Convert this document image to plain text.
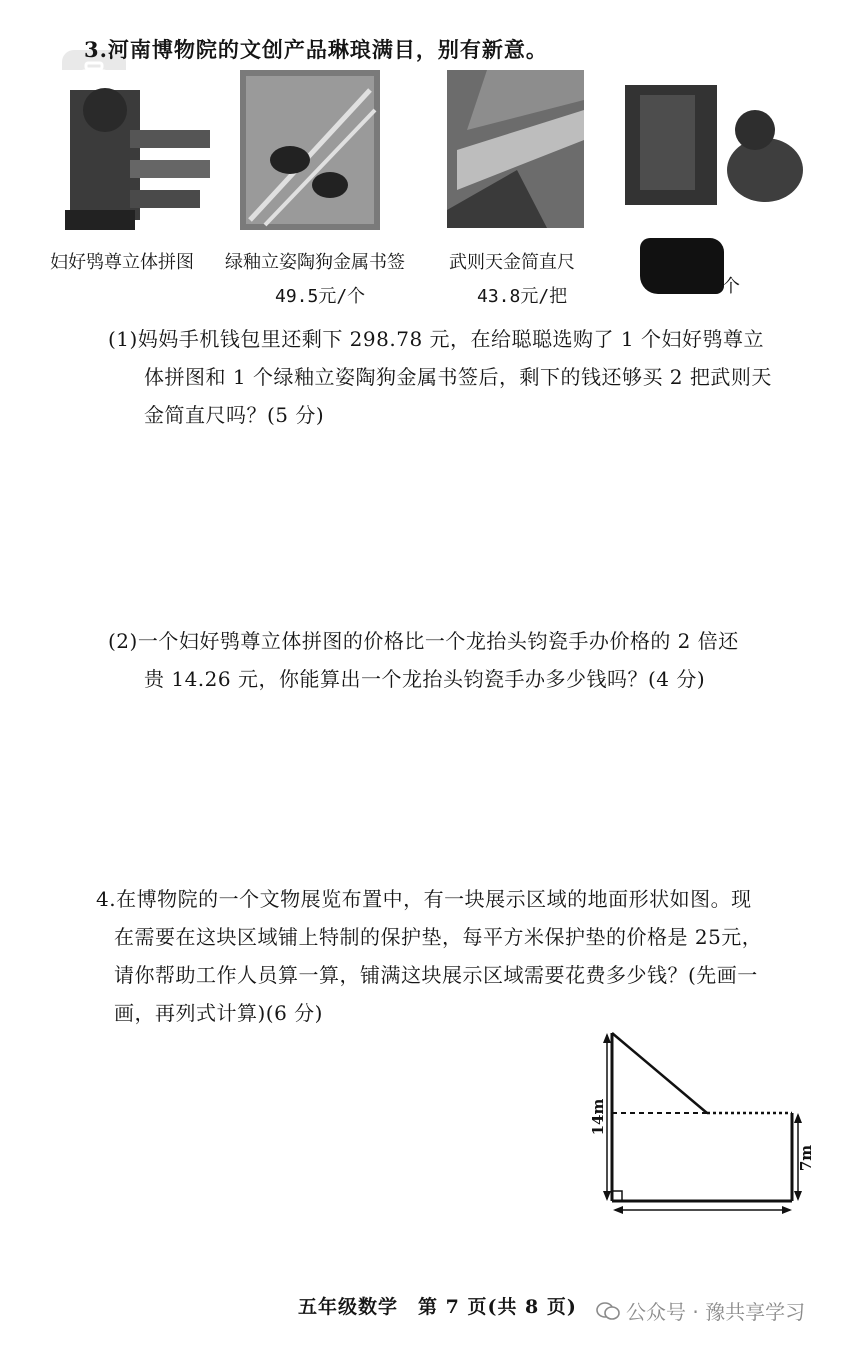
3.河南博物院的文创产品琳琅满目，别有新意。
妇好鸮尊立体拼图 绿釉立姿陶狗金属书签
49.5元/个
武则天金简直尺
43.8元/把	个
(1)妈妈手机钱包里还剩下 298.78 元，在给聪聪选购了 1 个妇好鸮尊立
体拼图和 1 个绿釉立姿陶狗金属书签后，剩下的钱还够买 2 把武则天
金简直尺吗？(5 分)
(2)一个妇好鸮尊立体拼图的价格比一个龙抬头钧瓷手办价格的 2 倍还
贵 14.26 元，你能算出一个龙抬头钧瓷手办多少钱吗？(4 分)
4.在博物院的一个文物展览布置中，有一块展示区域的地面形状如图。现
在需要在这块区域铺上特制的保护垫，每平方米保护垫的价格是 25元，
请你帮助工作人员算一算，铺满这块展示区域需要花费多少钱？(先画一
画，再列式计算)(6 分)
14m
7m
五年级数学　第 7 页(共 8 页) 公众号 · 豫共享学习
